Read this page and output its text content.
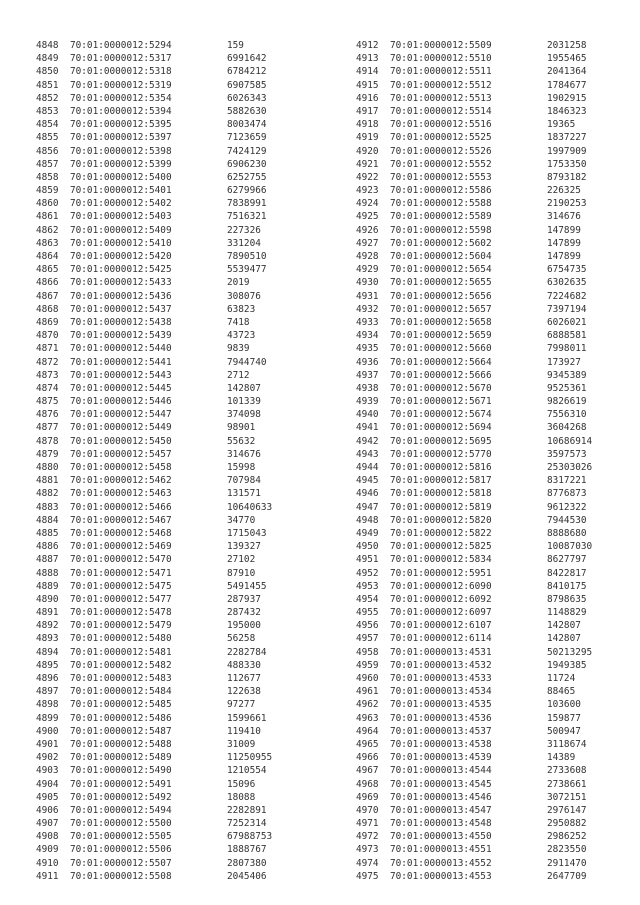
4848 70:01:0000012:5294	159
4849 70:01:0000012:5317	6991642
4850 70:01:0000012:5318	6784212
4851 70:01:0000012:5319	6907585
4852 70:01:0000012:5354	6026343
4853 70:01:0000012:5394	5882630
4854 70:01:0000012:5395	8003474
4855 70:01:0000012:5397	7123659
4856 70:01:0000012:5398	7424129
4857 70:01:0000012:5399	6906230
4858 70:01:0000012:5400	6252755
4859 70:01:0000012:5401	6279966
4860 70:01:0000012:5402	7838991
4861 70:01:0000012:5403	7516321
4862 70:01:0000012:5409	227326
4863 70:01:0000012:5410	331204
4864 70:01:0000012:5420	7890510
4865 70:01:0000012:5425	5539477
4866 70:01:0000012:5433	2019
4867 70:01:0000012:5436	308076
4868 70:01:0000012:5437	63823
4869 70:01:0000012:5438	7418
4870 70:01:0000012:5439	43723
4871 70:01:0000012:5440	9839
4872 70:01:0000012:5441	7944740
4873 70:01:0000012:5443	2712
4874 70:01:0000012:5445	142807
4875 70:01:0000012:5446	101339
4876 70:01:0000012:5447	374098
4877 70:01:0000012:5449	98901
4878 70:01:0000012:5450	55632
4879 70:01:0000012:5457	314676
4880 70:01:0000012:5458	15998
4881 70:01:0000012:5462	707984
4882 70:01:0000012:5463	131571
4883 70:01:0000012:5466	10640633
4884 70:01:0000012:5467	34770
4885 70:01:0000012:5468	1715043
4886 70:01:0000012:5469	139327
4887 70:01:0000012:5470	27102
4888 70:01:0000012:5471	87910
4889 70:01:0000012:5475	5491455
4890 70:01:0000012:5477	287937
4891 70:01:0000012:5478	287432
4892 70:01:0000012:5479	195000
4893 70:01:0000012:5480	56258
4894 70:01:0000012:5481	2282784
4895 70:01:0000012:5482	488330
4896 70:01:0000012:5483	112677
4897 70:01:0000012:5484	122638
4898 70:01:0000012:5485	97277
4899 70:01:0000012:5486	1599661
4900 70:01:0000012:5487	119410
4901 70:01:0000012:5488	31009
4902 70:01:0000012:5489	11250955
4903 70:01:0000012:5490	1210554
4904 70:01:0000012:5491	15096
4905 70:01:0000012:5492	18088
4906 70:01:0000012:5494	2282891
4907 70:01:0000012:5500	7252314
4908 70:01:0000012:5505	67988753
4909 70:01:0000012:5506	1888767
4910 70:01:0000012:5507	2807380
4911 70:01:0000012:5508	2045406
4912 70:01:0000012:5509	2031258
4913 70:01:0000012:5510	1955465
4914 70:01:0000012:5511	2041364
4915 70:01:0000012:5512	1784677
4916 70:01:0000012:5513	1902915
4917 70:01:0000012:5514	1846323
4918 70:01:0000012:5516	19365
4919 70:01:0000012:5525	1837227
4920 70:01:0000012:5526	1997909
4921 70:01:0000012:5552	1753350
4922 70:01:0000012:5553	8793182
4923 70:01:0000012:5586	226325
4924 70:01:0000012:5588	2190253
4925 70:01:0000012:5589	314676
4926 70:01:0000012:5598	147899
4927 70:01:0000012:5602	147899
4928 70:01:0000012:5604	147899
4929 70:01:0000012:5654	6754735
4930 70:01:0000012:5655	6302635
4931 70:01:0000012:5656	7224682
4932 70:01:0000012:5657	7397194
4933 70:01:0000012:5658	6026021
4934 70:01:0000012:5659	6888581
4935 70:01:0000012:5660	7998011
4936 70:01:0000012:5664	173927
4937 70:01:0000012:5666	9345389
4938 70:01:0000012:5670	9525361
4939 70:01:0000012:5671	9826619
4940 70:01:0000012:5674	7556310
4941 70:01:0000012:5694	3604268
4942 70:01:0000012:5695	10686914
4943 70:01:0000012:5770	3597573
4944 70:01:0000012:5816	25303026
4945 70:01:0000012:5817	8317221
4946 70:01:0000012:5818	8776873
4947 70:01:0000012:5819	9612322
4948 70:01:0000012:5820	7944530
4949 70:01:0000012:5822	8888680
4950 70:01:0000012:5825	10087030
4951 70:01:0000012:5834	8627797
4952 70:01:0000012:5951	8422817
4953 70:01:0000012:6090	8410175
4954 70:01:0000012:6092	8798635
4955 70:01:0000012:6097	1148829
4956 70:01:0000012:6107	142807
4957 70:01:0000012:6114	142807
4958 70:01:0000013:4531	50213295
4959 70:01:0000013:4532	1949385
4960 70:01:0000013:4533	11724
4961 70:01:0000013:4534	88465
4962 70:01:0000013:4535	103600
4963 70:01:0000013:4536	159877
4964 70:01:0000013:4537	500947
4965 70:01:0000013:4538	3118674
4966 70:01:0000013:4539	14389
4967 70:01:0000013:4544	2733608
4968 70:01:0000013:4545	2738661
4969 70:01:0000013:4546	3072151
4970 70:01:0000013:4547	2976147
4971 70:01:0000013:4548	2950882
4972 70:01:0000013:4550	2986252
4973 70:01:0000013:4551	2823550
4974 70:01:0000013:4552	2911470
4975 70:01:0000013:4553	2647709
